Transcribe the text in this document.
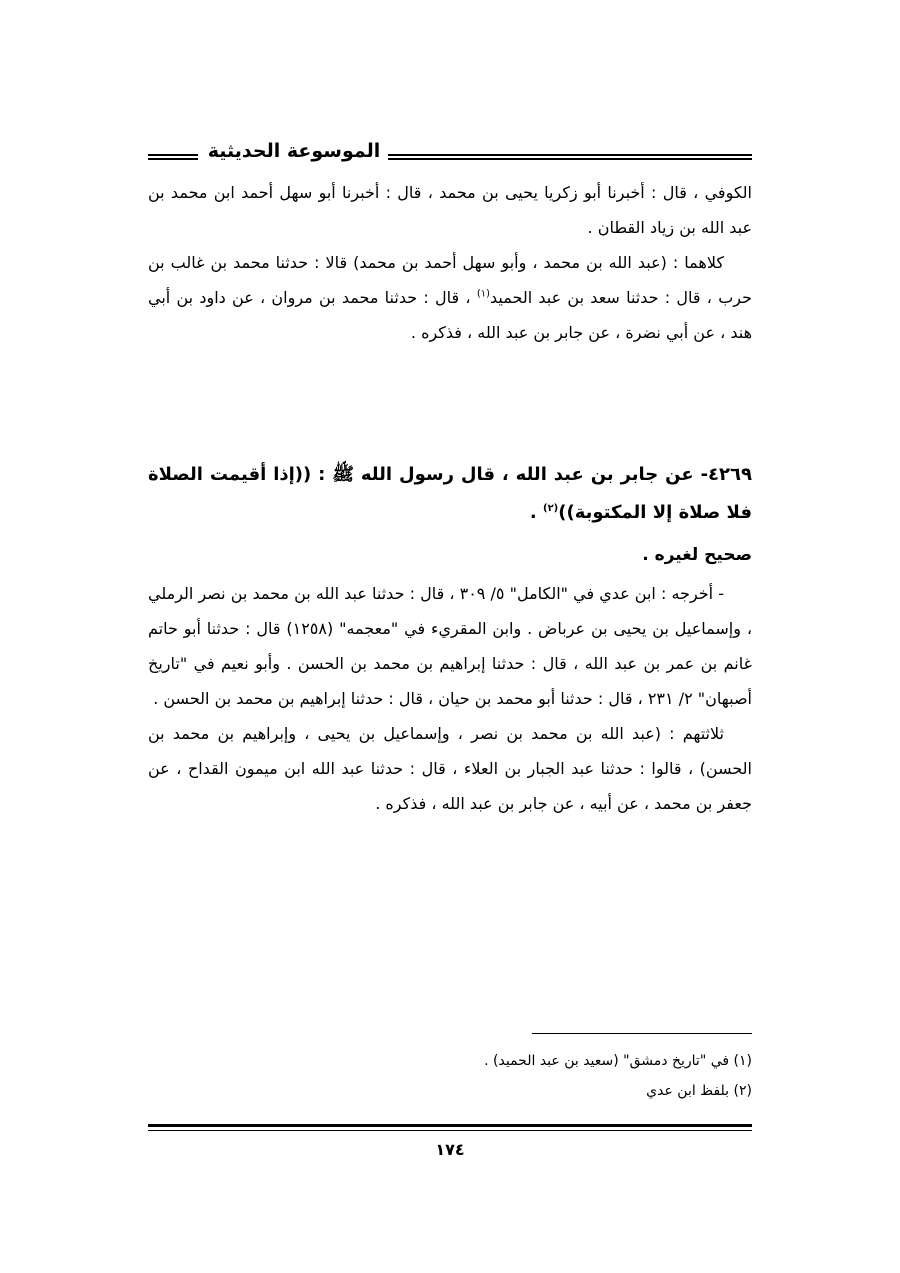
الموسوعة الحديثية

الكوفي ، قال : أخبرنا أبو زكريا يحيى بن محمد ، قال : أخبرنا أبو سهل أحمد ابن محمد بن عبد الله بن زياد القطان .

كلاهما : (عبد الله بن محمد ، وأبو سهل أحمد بن محمد) قالا : حدثنا محمد بن غالب بن حرب ، قال : حدثنا سعد بن عبد الحميد$^{(١)}$ ، قال : حدثنا محمد بن مروان ، عن داود بن أبي هند ، عن أبي نضرة ، عن جابر بن عبد الله ، فذكره .

٤٢٦٩- عن جابر بن عبد الله ، قال رسول الله ﷺ : ((إذا أقيمت الصلاة فلا صلاة إلا المكتوبة))$^{(٢)}$ .

صحيح لغيره .

- أخرجه : ابن عدي في "الكامل" ٥/ ٣٠٩ ، قال : حدثنا عبد الله بن محمد بن نصر الرملي ، وإسماعيل بن يحيى بن عرباض . وابن المقريء في "معجمه" (١٢٥٨) قال : حدثنا أبو حاتم غانم بن عمر بن عبد الله ، قال : حدثنا إبراهيم بن محمد بن الحسن . وأبو نعيم في "تاريخ أصبهان" ٢/ ٢٣١ ، قال : حدثنا أبو محمد بن حيان ، قال : حدثنا إبراهيم بن محمد بن الحسن .

ثلاثتهم : (عبد الله بن محمد بن نصر ، وإسماعيل بن يحيى ، وإبراهيم بن محمد بن الحسن) ، قالوا : حدثنا عبد الجبار بن العلاء ، قال : حدثنا عبد الله ابن ميمون القداح ، عن جعفر بن محمد ، عن أبيه ، عن جابر بن عبد الله ، فذكره .

(١) في "تاريخ دمشق" (سعيد بن عبد الحميد) .
(٢) بلفظ ابن عدي
١٧٤
